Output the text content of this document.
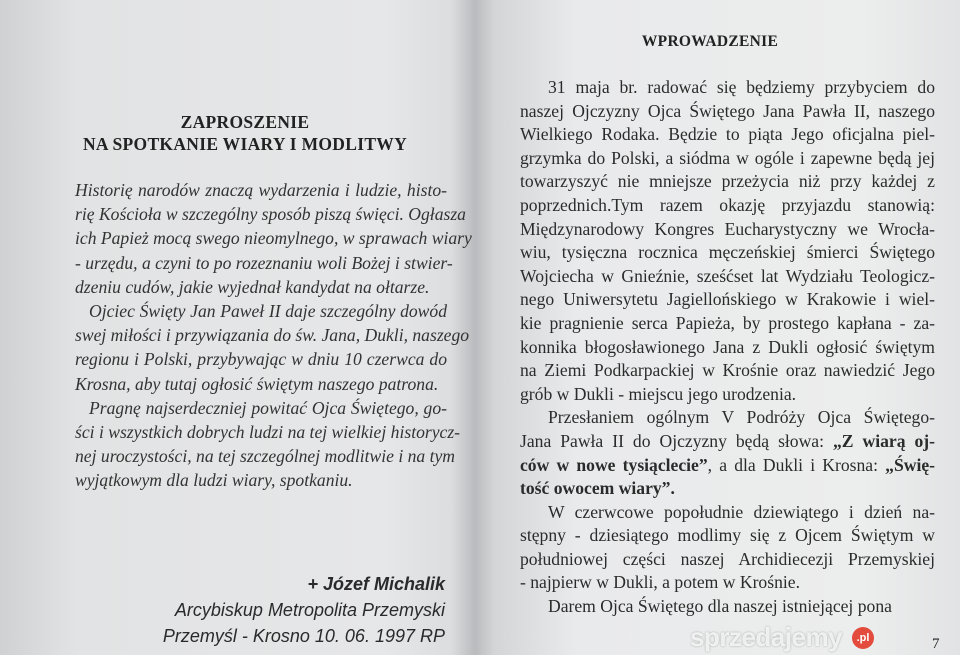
ZAPROSZENIE
NA SPOTKANIE WIARY I MODLITWY
Historię narodów znaczą wydarzenia i ludzie, histo-
rię Kościoła w szczególny sposób piszą święci. Ogłasza
ich Papież mocą swego nieomylnego, w sprawach wiary
- urzędu, a czyni to po rozeznaniu woli Bożej i stwier-
dzeniu cudów, jakie wyjednał kandydat na ołtarze.
Ojciec Święty Jan Paweł II daje szczególny dowód
swej miłości i przywiązania do św. Jana, Dukli, naszego
regionu i Polski, przybywając w dniu 10 czerwca do
Krosna, aby tutaj ogłosić świętym naszego patrona.
Pragnę najserdeczniej powitać Ojca Świętego, go-
ści i wszystkich dobrych ludzi na tej wielkiej historycz-
nej uroczystości, na tej szczególnej modlitwie i na tym
wyjątkowym dla ludzi wiary, spotkaniu.
+ Józef Michalik
Arcybiskup Metropolita Przemyski
Przemyśl - Krosno 10. 06. 1997 RP
WPROWADZENIE
31 maja br. radować się będziemy przybyciem do
naszej Ojczyzny Ojca Świętego Jana Pawła II, naszego
Wielkiego Rodaka. Będzie to piąta Jego oficjalna piel-
grzymka do Polski, a siódma w ogóle i zapewne będą jej
towarzyszyć nie mniejsze przeżycia niż przy każdej z
poprzednich.Tym razem okazję przyjazdu stanowią:
Międzynarodowy Kongres Eucharystyczny we Wrocła-
wiu, tysięczna rocznica męczeńskiej śmierci Świętego
Wojciecha w Gnieźnie, sześćset lat Wydziału Teologicz-
nego Uniwersytetu Jagiellońskiego w Krakowie i wiel-
kie pragnienie serca Papieża, by prostego kapłana - za-
konnika błogosławionego Jana z Dukli ogłosić świętym
na Ziemi Podkarpackiej w Krośnie oraz nawiedzić Jego
grób w Dukli - miejscu jego urodzenia.
Przesłaniem ogólnym V Podróży Ojca Świętego-
Jana Pawła II do Ojczyzny będą słowa: „Z wiarą oj-
ców w nowe tysiąclecie”, a dla Dukli i Krosna: „Świę-
tość owocem wiary”.
W czerwcowe popołudnie dziewiątego i dzień na-
stępny - dziesiątego modlimy się z Ojcem Świętym w
południowej części naszej Archidiecezji Przemyskiej
- najpierw w Dukli, a potem w Krośnie.
Darem Ojca Świętego dla naszej istniejącej pona
7
sprzedajemy	.pl
